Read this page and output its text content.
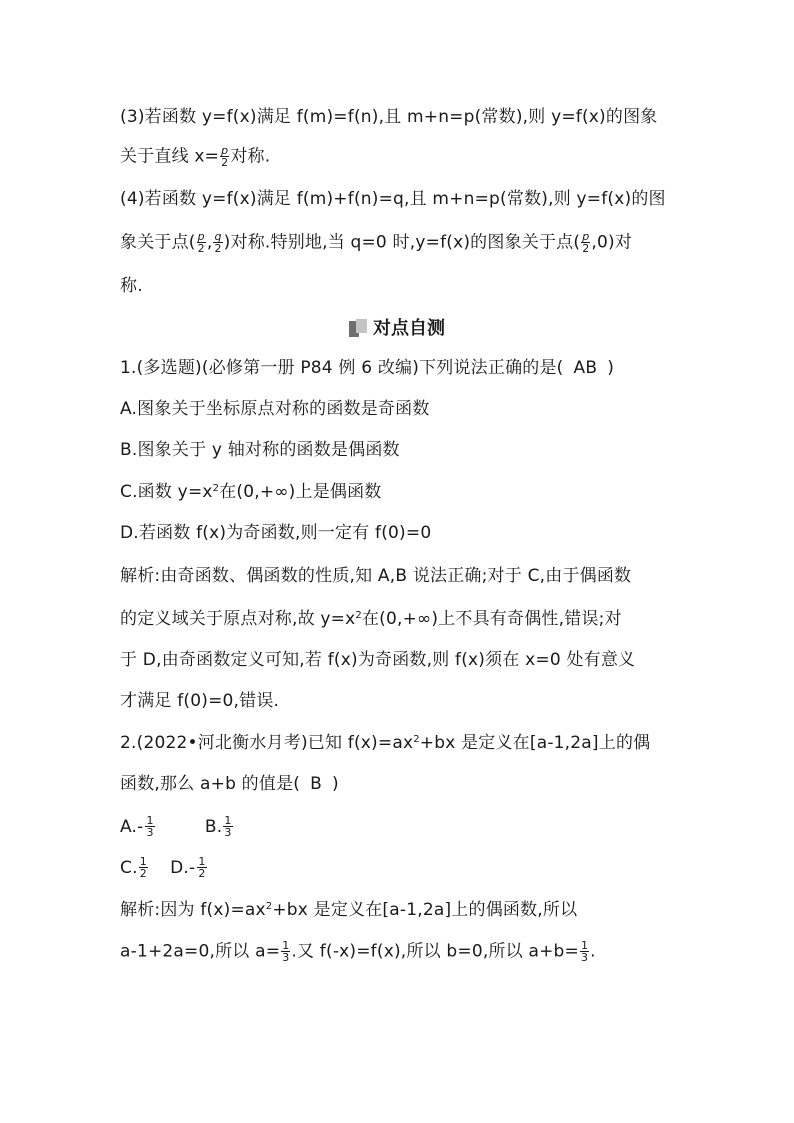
(3)若函数 y=f(x)满足 f(m)=f(n),且 m+n=p(常数),则 y=f(x)的图象
关于直线 $x= \frac{p}{2}$ 对称.
(4)若函数 y=f(x)满足 f(m)+f(n)=q,且 m+n=p(常数),则 y=f(x)的图
象关于点( $\frac{p}{2}$ , $\frac{q}{2}$ )对称.特别地,当 q=0 时,y=f(x)的图象关于点( $\frac{p}{2} ,0$)对
称.
对点自测
1.(多选题)(必修第一册 P84 例 6 改编)下列说法正确的是( AB )
A.图象关于坐标原点对称的函数是奇函数
B.图象关于 y 轴对称的函数是偶函数
C.函数 $y=x^2$在(0,+∞)上是偶函数
D.若函数 f(x)为奇函数,则一定有 f(0)=0
解析:由奇函数、偶函数的性质,知 A,B 说法正确;对于 C,由于偶函数
的定义域关于原点对称,故 $y=x^2$在(0,+∞)上不具有奇偶性,错误;对
于 D,由奇函数定义可知,若 f(x)为奇函数,则 f(x)须在 x=0 处有意义
才满足 f(0)=0,错误.
2.(2022•河北衡水月考)已知 $f(x)=ax^2+bx$ 是定义在[a-1,2a]上的偶
函数,那么 a+b 的值是( B )
$A.- \frac{1}{3}$	B. $\frac{1}{3}$
C. $\frac{1}{2} D.- \frac{1}{2}$
解析:因为 $f(x)=ax^2+bx$ 是定义在[a-1,2a]上的偶函数,所以
a-1+2a=0,所以 $a= \frac{1}{3}$ .又 f(-x)=f(x),所以 b=0,所以 $a+b= \frac{1}{3}$ .
